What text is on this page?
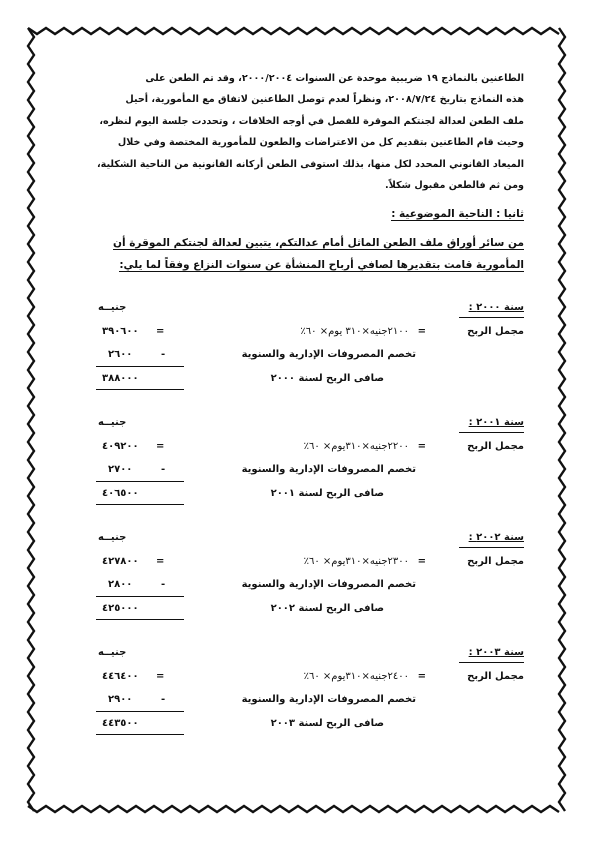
الطاعنين بالنماذج ١٩ ضريبية موحدة عن السنوات ٢٠٠٠/٢٠٠٤، وقد تم الطعن على

هذه النماذج بتاريخ ٢٠٠٨/٧/٢٤، ونظراً لعدم توصل الطاعنين لاتفاق مع المأمورية، أحيل

ملف الطعن لعدالة لجنتكم الموقرة للفصل في أوجه الخلافات ، وتحددت جلسة اليوم لنظره،

وحيث قام الطاعنين بتقديم كل من الاعتراضات والطعون للمأمورية المختصة وفي خلال

الميعاد القانوني المحدد لكل منها، بذلك استوفى الطعن أركانه القانونية من الناحية الشكلية،

ومن ثم فالطعن مقبول شكلاً.

ثانيا : الناحية الموضوعية :

من سائر أوراق ملف الطعن الماثل أمام عدالتكم، يتبين لعدالة لجنتكم الموقرة أن

المأمورية قامت بتقديرها لصافي أرباح المنشأة عن سنوات النزاع وفقاً لما يلي:

سنة ٢٠٠٠ :
جنيــه
مجمل الربح
=
٢١٠٠جنيه×٣١٠ يوم× ٦٠٪
=
٣٩٠٦٠٠
تخصم المصروفات الإدارية والسنوية
-
٢٦٠٠
صافى الربح لسنة ٢٠٠٠
٣٨٨٠٠٠
سنة ٢٠٠١ :
جنيــه
مجمل الربح
=
٢٢٠٠جنيه×٣١٠يوم× ٦٠٪
=
٤٠٩٢٠٠
تخصم المصروفات الإدارية والسنوية
-
٢٧٠٠
صافى الربح لسنة ٢٠٠١
٤٠٦٥٠٠
سنة ٢٠٠٢ :
جنيــه
مجمل الربح
=
٢٣٠٠جنيه×٣١٠يوم× ٦٠٪
=
٤٢٧٨٠٠
تخصم المصروفات الإدارية والسنوية
-
٢٨٠٠
صافى الربح لسنة ٢٠٠٢
٤٢٥٠٠٠
سنة ٢٠٠٣ :
جنيــه
مجمل الربح
=
٢٤٠٠جنيه×٣١٠يوم× ٦٠٪
=
٤٤٦٤٠٠
تخصم المصروفات الإدارية والسنوية
-
٢٩٠٠
صافى الربح لسنة ٢٠٠٣
٤٤٣٥٠٠
